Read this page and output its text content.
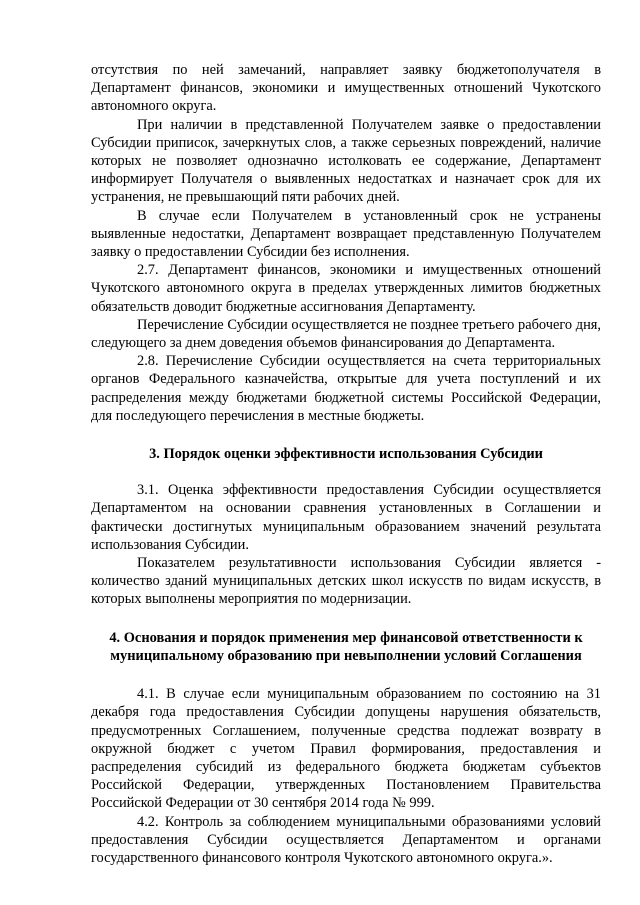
отсутствия по ней замечаний, направляет заявку бюджетополучателя в Департамент финансов, экономики и имущественных отношений Чукотского автономного округа.

При наличии в представленной Получателем заявке о предоставлении Субсидии приписок, зачеркнутых слов, а также серьезных повреждений, наличие которых не позволяет однозначно истолковать ее содержание, Департамент информирует Получателя о выявленных недостатках и назначает срок для их устранения, не превышающий пяти рабочих дней.

В случае если Получателем в установленный срок не устранены выявленные недостатки, Департамент возвращает представленную Получателем заявку о предоставлении Субсидии без исполнения.

2.7. Департамент финансов, экономики и имущественных отношений Чукотского автономного округа в пределах утвержденных лимитов бюджетных обязательств доводит бюджетные ассигнования Департаменту.

Перечисление Субсидии осуществляется не позднее третьего рабочего дня, следующего за днем доведения объемов финансирования до Департамента.

2.8. Перечисление Субсидии осуществляется на счета территориальных органов Федерального казначейства, открытые для учета поступлений и их распределения между бюджетами бюджетной системы Российской Федерации, для последующего перечисления в местные бюджеты.

3. Порядок оценки эффективности использования Субсидии

3.1. Оценка эффективности предоставления Субсидии осуществляется Департаментом на основании сравнения установленных в Соглашении и фактически достигнутых муниципальным образованием значений результата использования Субсидии.

Показателем результативности использования Субсидии является - количество зданий муниципальных детских школ искусств по видам искусств, в которых выполнены мероприятия по модернизации.

4. Основания и порядок применения мер финансовой ответственности к

муниципальному образованию при невыполнении условий Соглашения

4.1. В случае если муниципальным образованием по состоянию на 31 декабря года предоставления Субсидии допущены нарушения обязательств, предусмотренных Соглашением, полученные средства подлежат возврату в окружной бюджет с учетом Правил формирования, предоставления и распределения субсидий из федерального бюджета бюджетам субъектов Российской Федерации, утвержденных Постановлением Правительства Российской Федерации от 30 сентября 2014 года № 999.

4.2. Контроль за соблюдением муниципальными образованиями условий предоставления Субсидии осуществляется Департаментом и органами государственного финансового контроля Чукотского автономного округа.».
